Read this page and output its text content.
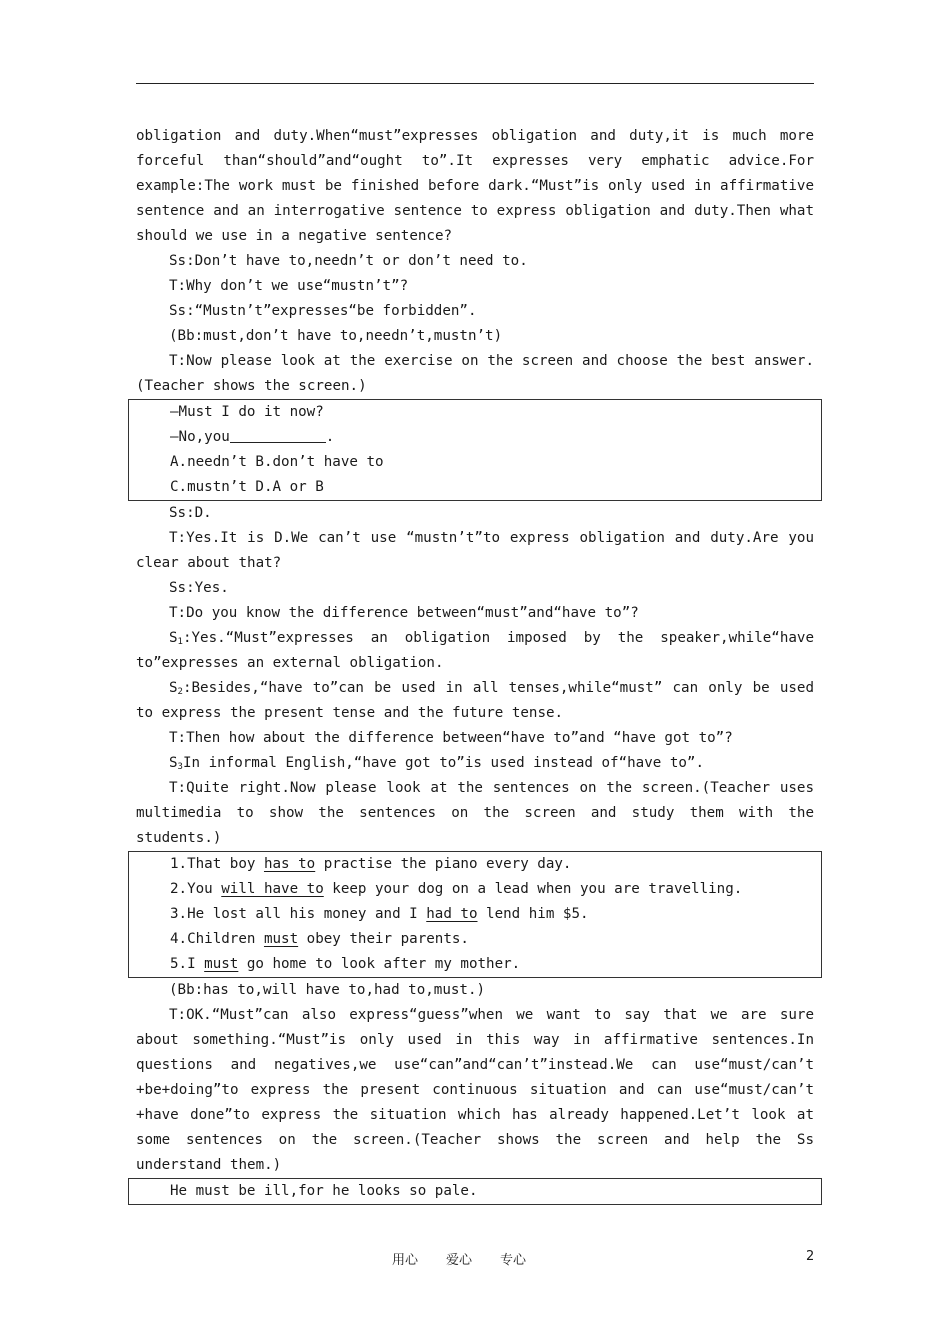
obligation and duty.When“must”expresses obligation and duty,it is much more forceful than“should”and“ought to”.It expresses very emphatic advice.For example:The work must be finished before dark.“Must”is only used in affirmative sentence and an interrogative sentence to express obligation and duty.Then what should we use in a negative sentence?

Ss:Don’t have to,needn’t or don’t need to.

T:Why don’t we use“mustn’t”?

Ss:“Mustn’t”expresses“be forbidden”.

(Bb:must,don’t have to,needn’t,mustn’t)

T:Now please look at the exercise on the screen and choose the best answer.(Teacher shows the screen.)

—Must I do it now?

—No,you	.

A.needn’t B.don’t have to

C.mustn’t D.A or B

Ss:D.

T:Yes.It is D.We can’t use “mustn’t”to express obligation and duty.Are you clear about that?

Ss:Yes.

T:Do you know the difference between“must”and“have to”?

$S_1:Yes.“Must”expresses$ an obligation imposed by the speaker,while“have to”expresses an external obligation.

$S_2:Besides,“have$ to”can be used in all tenses,while“must” can only be used to express the present tense and the future tense.

T:Then how about the difference between“have to”and “have got to”?

$S_3In$ informal English,“have got to”is used instead of“have to”.

T:Quite right.Now please look at the sentences on the screen.(Teacher uses multimedia to show the sentences on the screen and study them with the students.)

1.That boy has to practise the piano every day.

2.You will have to keep your dog on a lead when you are travelling.

3.He lost all his money and I had to lend him $5.

4.Children must obey their parents.

5.I must go home to look after my mother.

(Bb:has to,will have to,had to,must.)

T:OK.“Must”can also express“guess”when we want to say that we are sure about something.“Must”is only used in this way in affirmative sentences.In questions and negatives,we use“can”and“can’t”instead.We can use“must/can’t +be+doing”to express the present continuous situation and can use“must/can’t +have done”to express the situation which has already happened.Let’t look at some sentences on the screen.(Teacher shows the screen and help the Ss understand them.)

He must be ill,for he looks so pale.

用心 爱心 专心	2
